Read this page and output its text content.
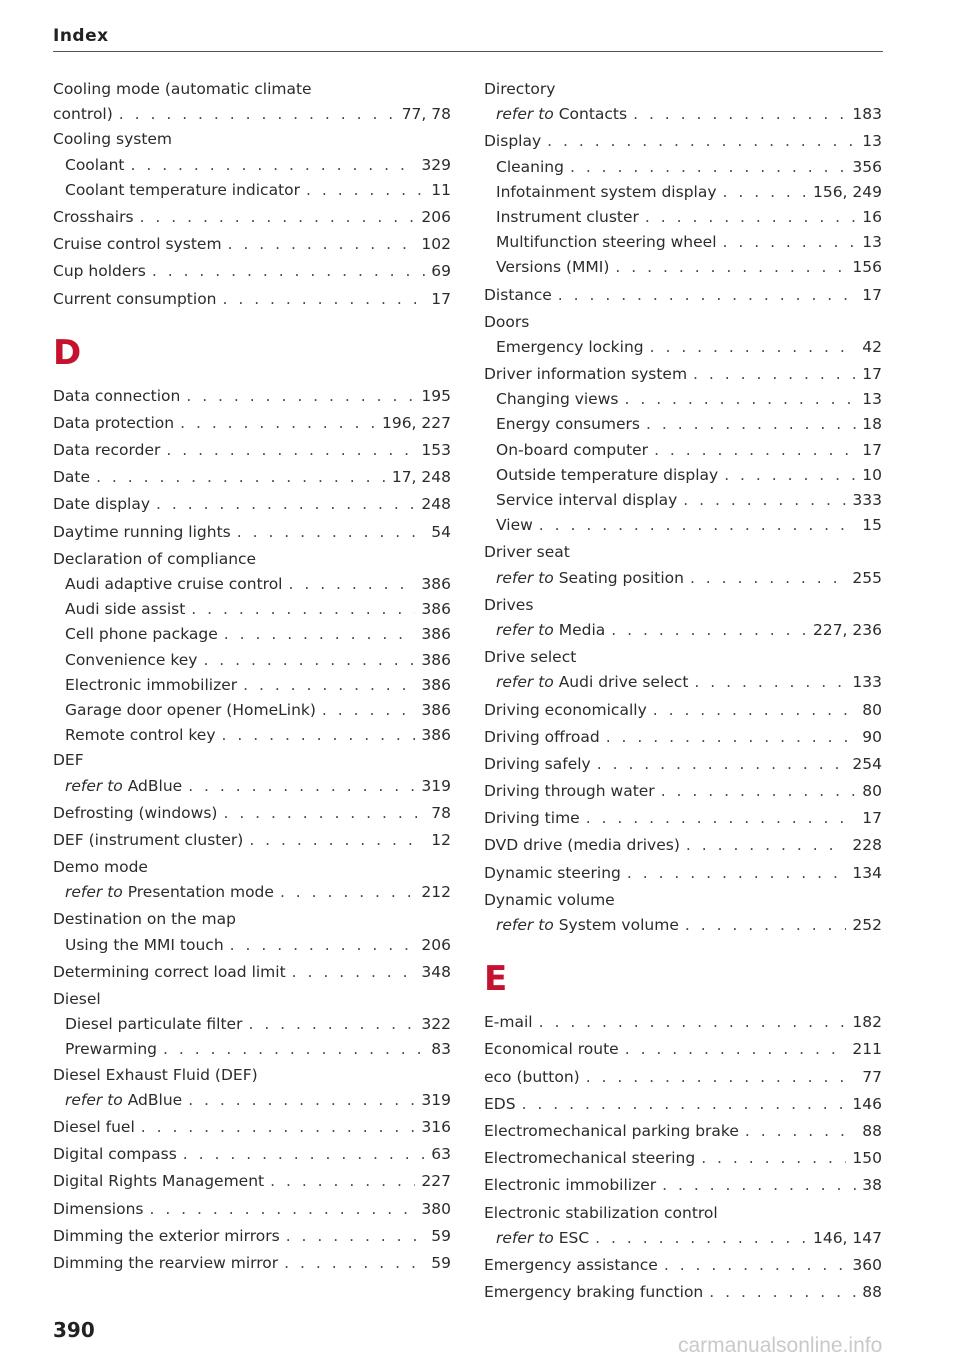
Index
Cooling mode (automatic climate
control) . . .	77, 78
Cooling system
Coolant . . .	329
Coolant temperature indicator . . .	11
Crosshairs . . .	206
Cruise control system . . .	102
Cup holders . . .	69
Current consumption . . .	17
D
Data connection . . .	195
Data protection . . .	196, 227
Data recorder . . .	153
Date . . .	17, 248
Date display . . .	248
Daytime running lights . . .	54
Declaration of compliance
Audi adaptive cruise control . . .	386
Audi side assist . . .	386
Cell phone package . . .	386
Convenience key . . .	386
Electronic immobilizer . . .	386
Garage door opener (HomeLink) . . .	386
Remote control key . . .	386
DEF
refer to AdBlue . . .	319
Defrosting (windows) . . .	78
DEF (instrument cluster) . . .	12
Demo mode
refer to Presentation mode . . .	212
Destination on the map
Using the MMI touch . . .	206
Determining correct load limit . . .	348
Diesel
Diesel particulate filter . . .	322
Prewarming . . .	83
Diesel Exhaust Fluid (DEF)
refer to AdBlue . . .	319
Diesel fuel . . .	316
Digital compass . . .	63
Digital Rights Management . . .	227
Dimensions . . .	380
Dimming the exterior mirrors . . .	59
Dimming the rearview mirror . . .	59
Directory
refer to Contacts . . .	183
Display . . .	13
Cleaning . . .	356
Infotainment system display . . .	156, 249
Instrument cluster . . .	16
Multifunction steering wheel . . .	13
Versions (MMI) . . .	156
Distance . . .	17
Doors
Emergency locking . . .	42
Driver information system . . .	17
Changing views . . .	13
Energy consumers . . .	18
On-board computer . . .	17
Outside temperature display . . .	10
Service interval display . . .	333
View . . .	15
Driver seat
refer to Seating position . . .	255
Drives
refer to Media . . .	227, 236
Drive select
refer to Audi drive select . . .	133
Driving economically . . .	80
Driving offroad . . .	90
Driving safely . . .	254
Driving through water . . .	80
Driving time . . .	17
DVD drive (media drives) . . .	228
Dynamic steering . . .	134
Dynamic volume
refer to System volume . . .	252
E
E-mail . . .	182
Economical route . . .	211
eco (button) . . .	77
EDS . . .	146
Electromechanical parking brake . . .	88
Electromechanical steering . . .	150
Electronic immobilizer . . .	38
Electronic stabilization control
refer to ESC . . .	146, 147
Emergency assistance . . .	360
Emergency braking function . . .	88
390
carmanualsonline.info
